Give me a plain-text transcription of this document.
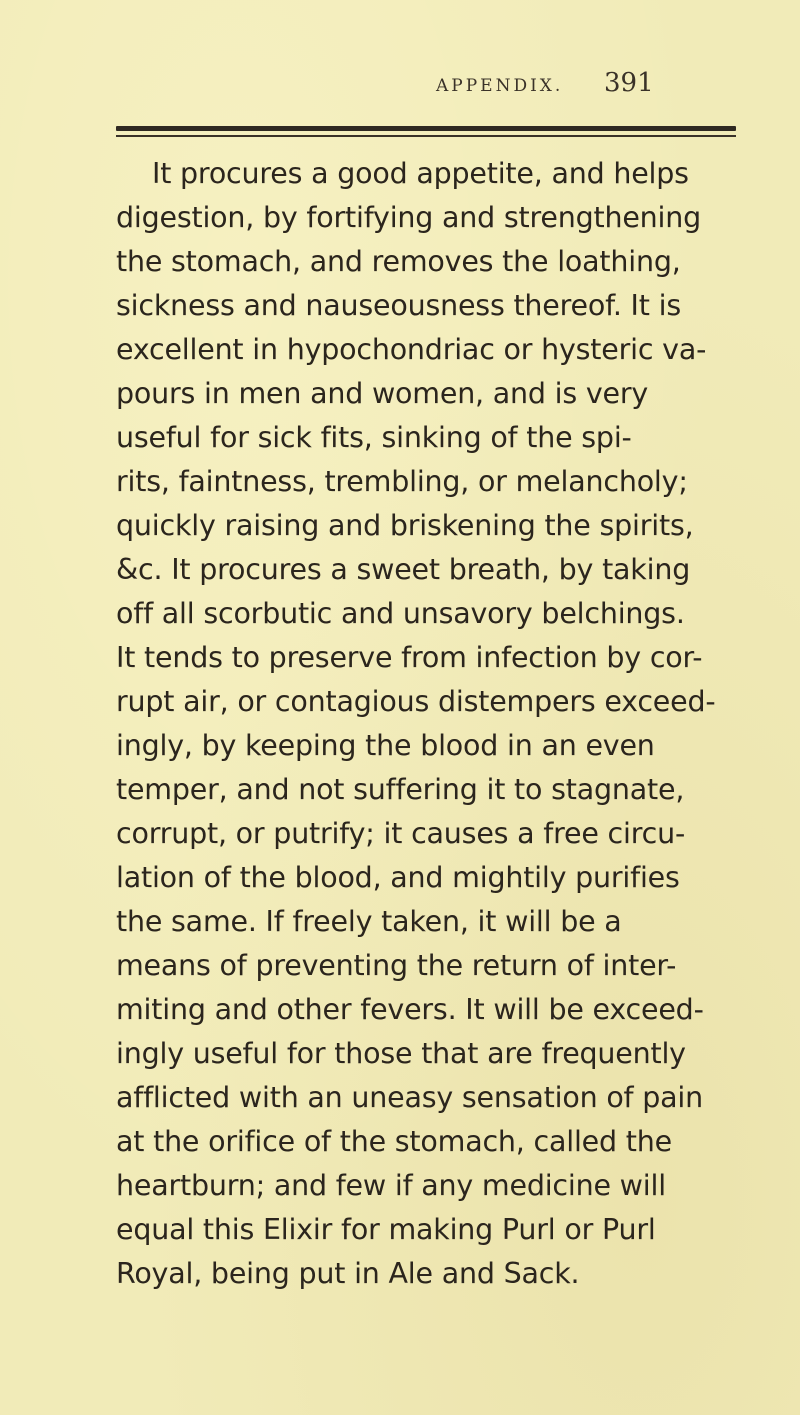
APPENDIX. 391
It procures a good appetite, and helps
digestion, by fortifying and strengthening
the stomach, and removes the loathing,
sickness and nauseousness thereof. It is
excellent in hypochondriac or hysteric va-
pours in men and women, and is very
useful for sick fits, sinking of the spi-
rits, faintness, trembling, or melancholy;
quickly raising and briskening the spirits,
&c. It procures a sweet breath, by taking
off all scorbutic and unsavory belchings.
It tends to preserve from infection by cor-
rupt air, or contagious distempers exceed-
ingly, by keeping the blood in an even
temper, and not suffering it to stagnate,
corrupt, or putrify; it causes a free circu-
lation of the blood, and mightily purifies
the same. If freely taken, it will be a
means of preventing the return of inter-
miting and other fevers. It will be exceed-
ingly useful for those that are frequently
afflicted with an uneasy sensation of pain
at the orifice of the stomach, called the
heartburn; and few if any medicine will
equal this Elixir for making Purl or Purl
Royal, being put in Ale and Sack.
